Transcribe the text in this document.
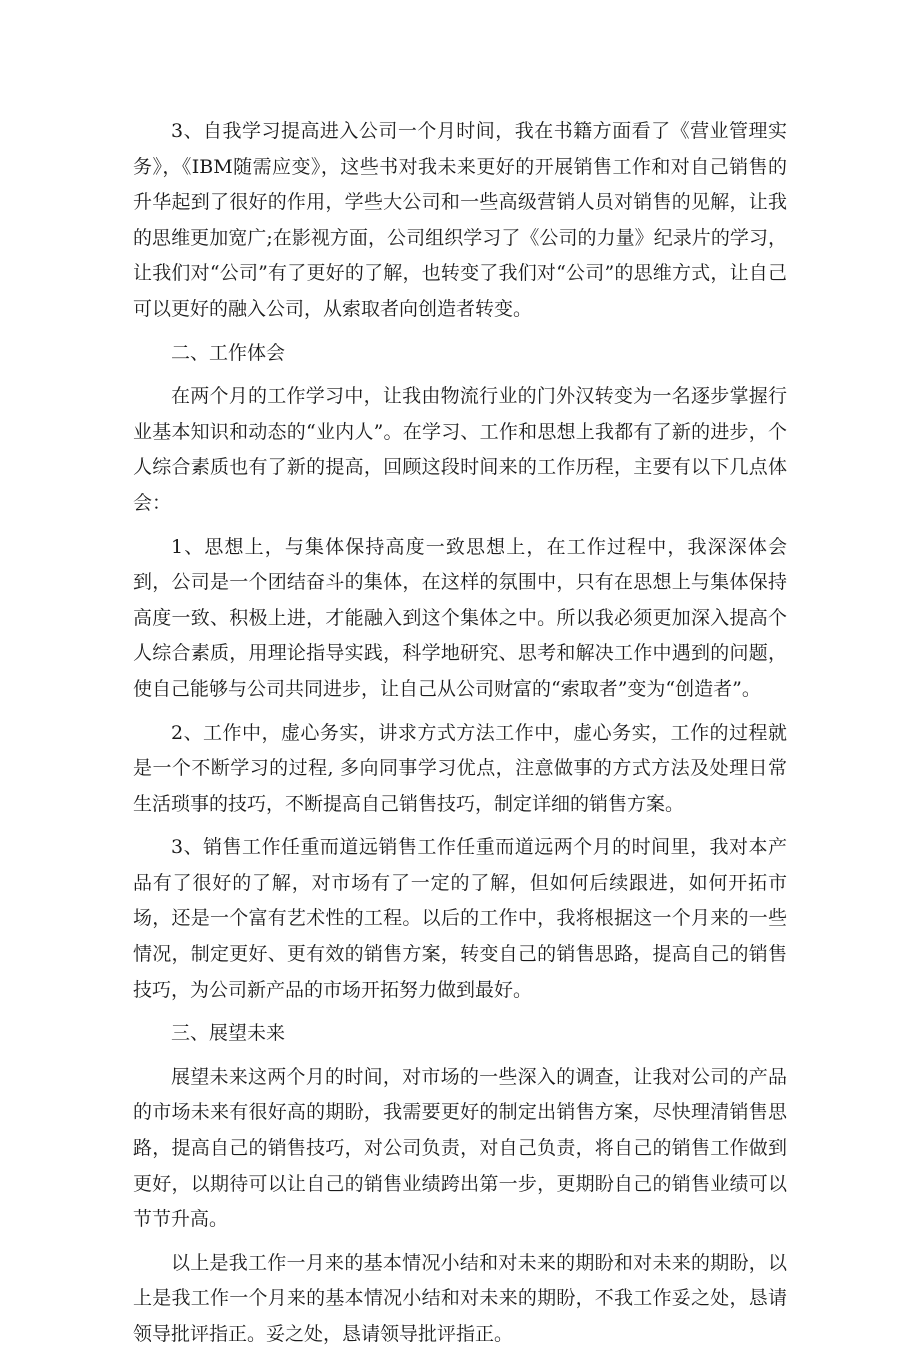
3、自我学习提高进入公司一个月时间，我在书籍方面看了《营业管理实务》，《IBM随需应变》，这些书对我未来更好的开展销售工作和对自己销售的升华起到了很好的作用，学些大公司和一些高级营销人员对销售的见解，让我的思维更加宽广;在影视方面，公司组织学习了《公司的力量》纪录片的学习，让我们对“公司”有了更好的了解，也转变了我们对“公司”的思维方式，让自己可以更好的融入公司，从索取者向创造者转变。

二、工作体会

在两个月的工作学习中，让我由物流行业的门外汉转变为一名逐步掌握行业基本知识和动态的“业内人”。在学习、工作和思想上我都有了新的进步，个人综合素质也有了新的提高，回顾这段时间来的工作历程，主要有以下几点体会：

1、思想上，与集体保持高度一致思想上，在工作过程中，我深深体会到，公司是一个团结奋斗的集体，在这样的氛围中，只有在思想上与集体保持高度一致、积极上进，才能融入到这个集体之中。所以我必须更加深入提高个人综合素质，用理论指导实践，科学地研究、思考和解决工作中遇到的问题，使自己能够与公司共同进步，让自己从公司财富的“索取者”变为“创造者”。

2、工作中，虚心务实，讲求方式方法工作中，虚心务实，工作的过程就是一个不断学习的过程, 多向同事学习优点，注意做事的方式方法及处理日常生活琐事的技巧，不断提高自己销售技巧，制定详细的销售方案。

3、销售工作任重而道远销售工作任重而道远两个月的时间里，我对本产品有了很好的了解，对市场有了一定的了解，但如何后续跟进，如何开拓市场，还是一个富有艺术性的工程。以后的工作中，我将根据这一个月来的一些情况，制定更好、更有效的销售方案，转变自己的销售思路，提高自己的销售技巧，为公司新产品的市场开拓努力做到最好。

三、展望未来

展望未来这两个月的时间，对市场的一些深入的调查，让我对公司的产品的市场未来有很好高的期盼，我需要更好的制定出销售方案，尽快理清销售思路，提高自己的销售技巧，对公司负责，对自己负责，将自己的销售工作做到更好，以期待可以让自己的销售业绩跨出第一步，更期盼自己的销售业绩可以节节升高。

以上是我工作一月来的基本情况小结和对未来的期盼和对未来的期盼，以上是我工作一个月来的基本情况小结和对未来的期盼，不我工作妥之处，恳请领导批评指正。妥之处，恳请领导批评指正。
